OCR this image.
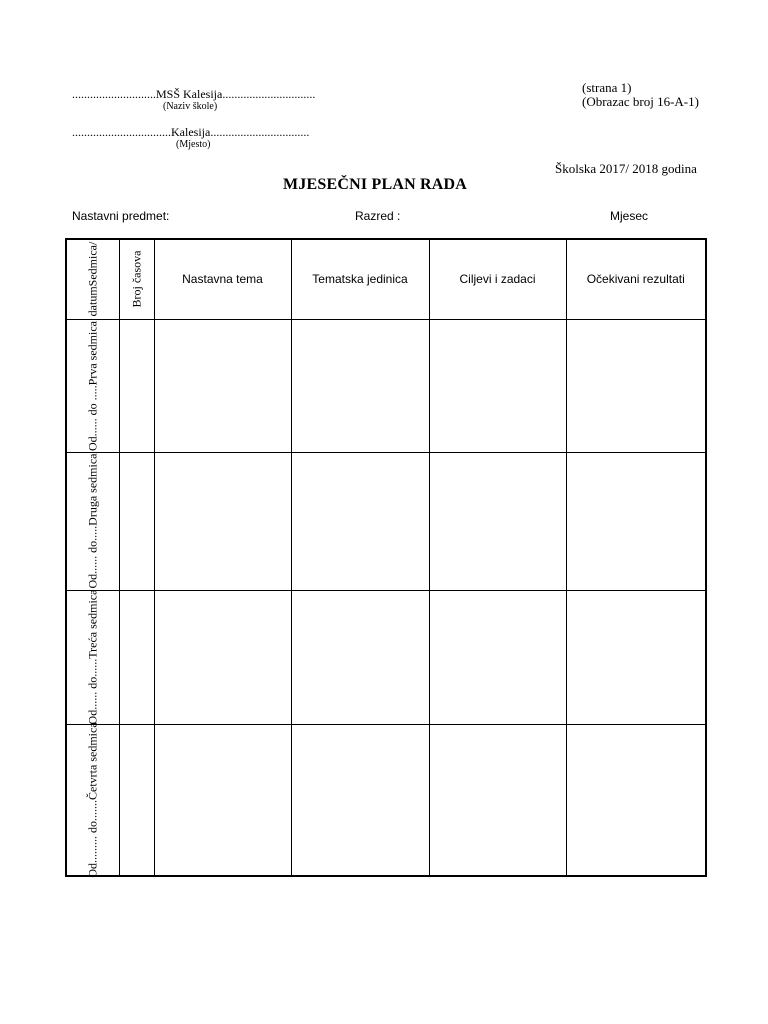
............................MSŠ Kalesija...............................
(Naziv škole)
.................................Kalesija.................................
(Mjesto)
(strana 1)
(Obrazac broj 16-A-1)
Školska 2017/ 2018 godina
MJESEČNI PLAN RADA
Nastavni predmet:	Razred :	Mjesec
datumSedmica/	Broj časova	Nastavna tema	Tematska jedinica	Ciljevi i zadaci	Očekivani rezultati

Od...... do .....Prva sedmica					

Od...... do.....Druga sedmica					

Od...... do......Treća sedmica					

Od......... do.......Četvrta sedmica					
